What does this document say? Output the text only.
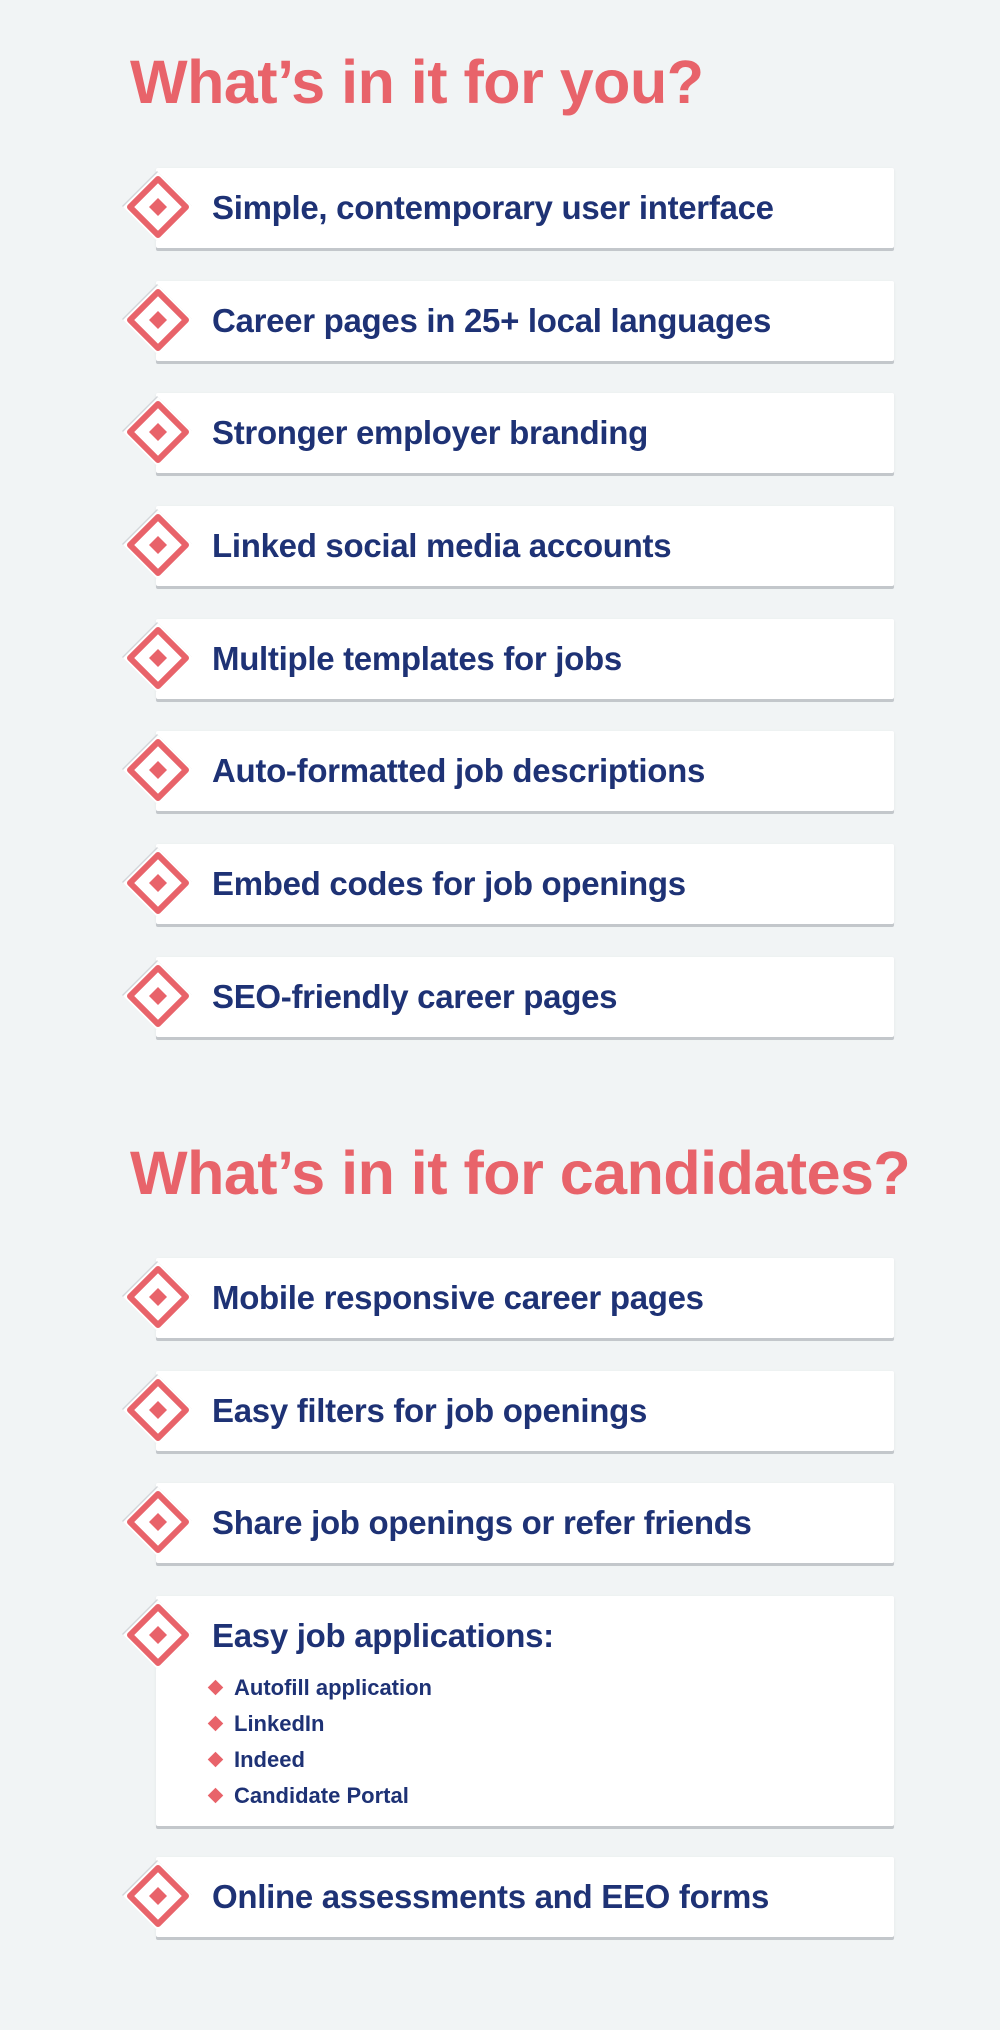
What’s in it for you?
Simple, contemporary user interface
Career pages in 25+ local languages
Stronger employer branding
Linked social media accounts
Multiple templates for jobs
Auto-formatted job descriptions
Embed codes for job openings
SEO-friendly career pages
What’s in it for candidates?
Mobile responsive career pages
Easy filters for job openings
Share job openings or refer friends
Easy job applications:
Autofill application
LinkedIn
Indeed
Candidate Portal
Online assessments and EEO forms
